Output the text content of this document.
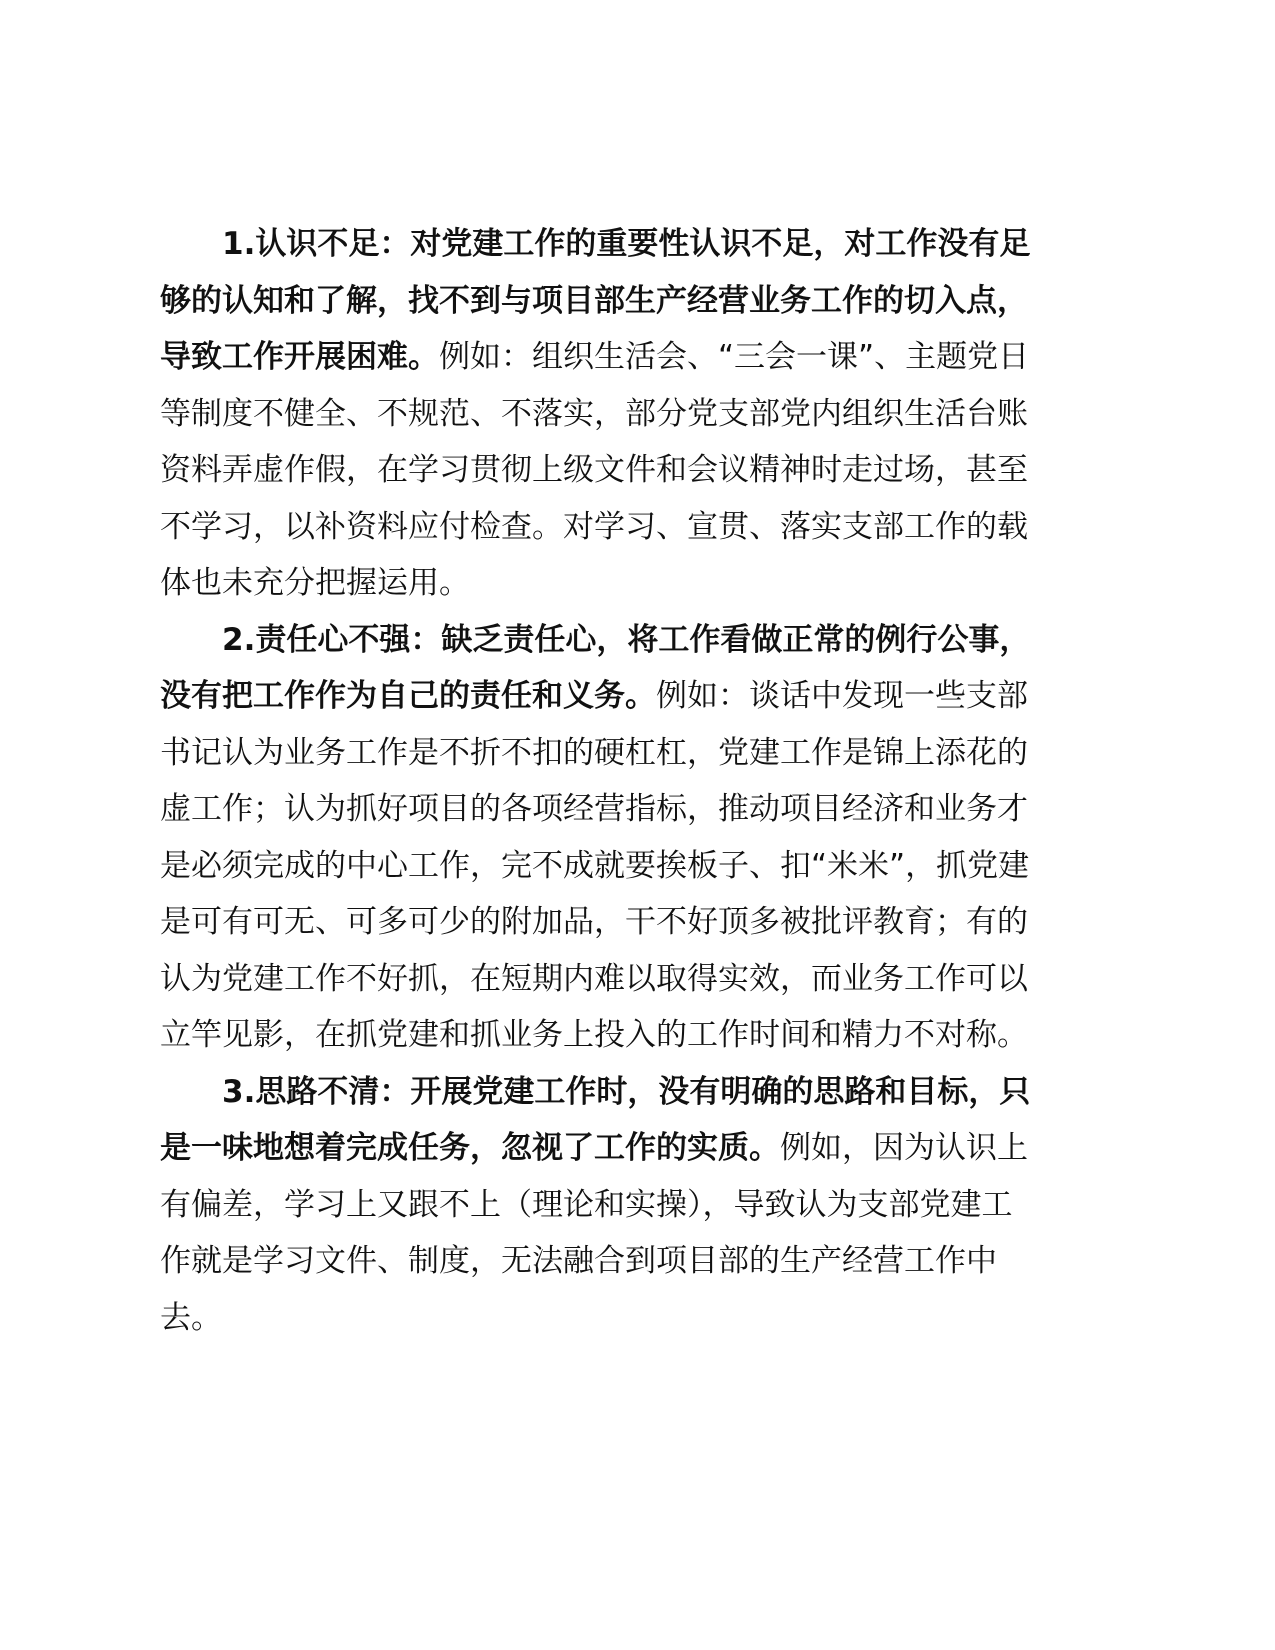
1.认识不足：对党建工作的重要性认识不足，对工作没有足
够的认知和了解，找不到与项目部生产经营业务工作的切入点，
导致工作开展困难。例如：组织生活会、“三会一课”、主题党日
等制度不健全、不规范、不落实，部分党支部党内组织生活台账
资料弄虚作假，在学习贯彻上级文件和会议精神时走过场，甚至
不学习，以补资料应付检查。对学习、宣贯、落实支部工作的载
体也未充分把握运用。
2.责任心不强：缺乏责任心，将工作看做正常的例行公事，
没有把工作作为自己的责任和义务。例如：谈话中发现一些支部
书记认为业务工作是不折不扣的硬杠杠，党建工作是锦上添花的
虚工作；认为抓好项目的各项经营指标，推动项目经济和业务才
是必须完成的中心工作，完不成就要挨板子、扣“米米”，抓党建
是可有可无、可多可少的附加品，干不好顶多被批评教育；有的
认为党建工作不好抓，在短期内难以取得实效，而业务工作可以
立竿见影，在抓党建和抓业务上投入的工作时间和精力不对称。
3.思路不清：开展党建工作时，没有明确的思路和目标，只
是一味地想着完成任务，忽视了工作的实质。例如，因为认识上
有偏差，学习上又跟不上（理论和实操），导致认为支部党建工
作就是学习文件、制度，无法融合到项目部的生产经营工作中
去。
